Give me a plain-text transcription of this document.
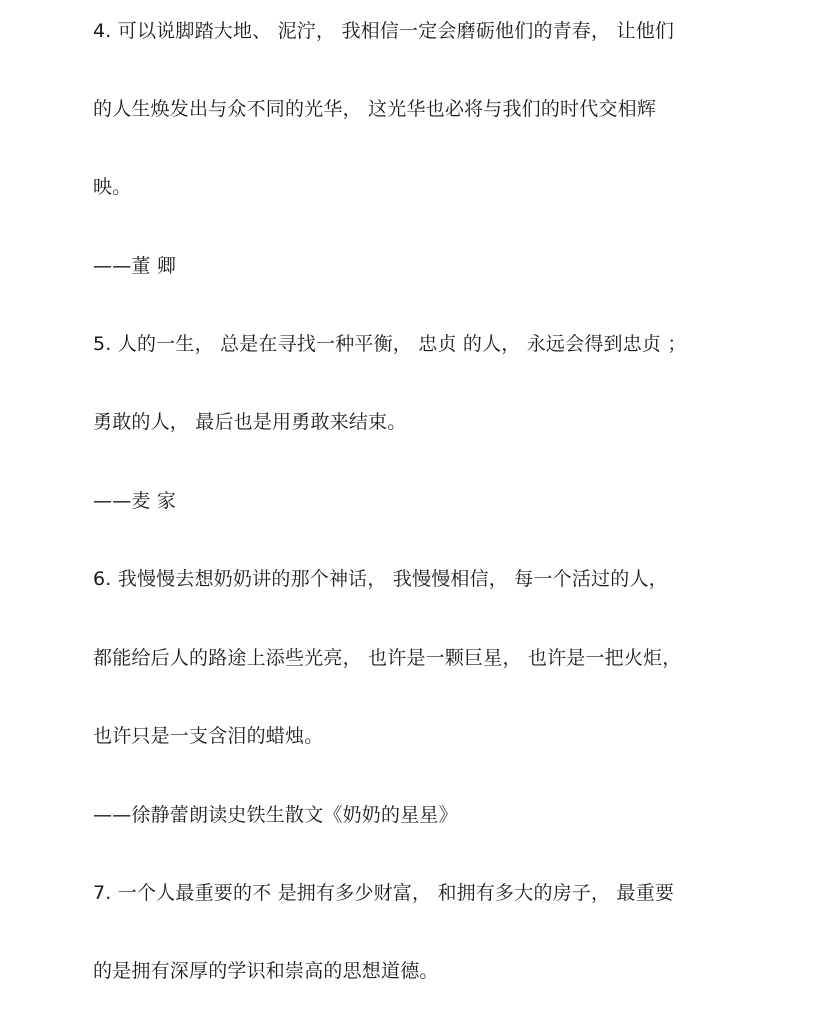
4. 可以说脚踏大地、 泥泞， 我相信一定会磨砺他们的青春， 让他们
的人生焕发出与众不同的光华， 这光华也必将与我们的时代交相辉
映。
——董 卿
5. 人的一生， 总是在寻找一种平衡， 忠贞 的人， 永远会得到忠贞 ；
勇敢的人， 最后也是用勇敢来结束。
——麦 家
6. 我慢慢去想奶奶讲的那个神话， 我慢慢相信， 每一个活过的人，
都能给后人的路途上添些光亮， 也许是一颗巨星， 也许是一把火炬，
也许只是一支含泪的蜡烛。
——徐静蕾朗读史铁生散文《奶奶的星星》
7. 一个人最重要的不 是拥有多少财富， 和拥有多大的房子， 最重要
的是拥有深厚的学识和崇高的思想道德。
